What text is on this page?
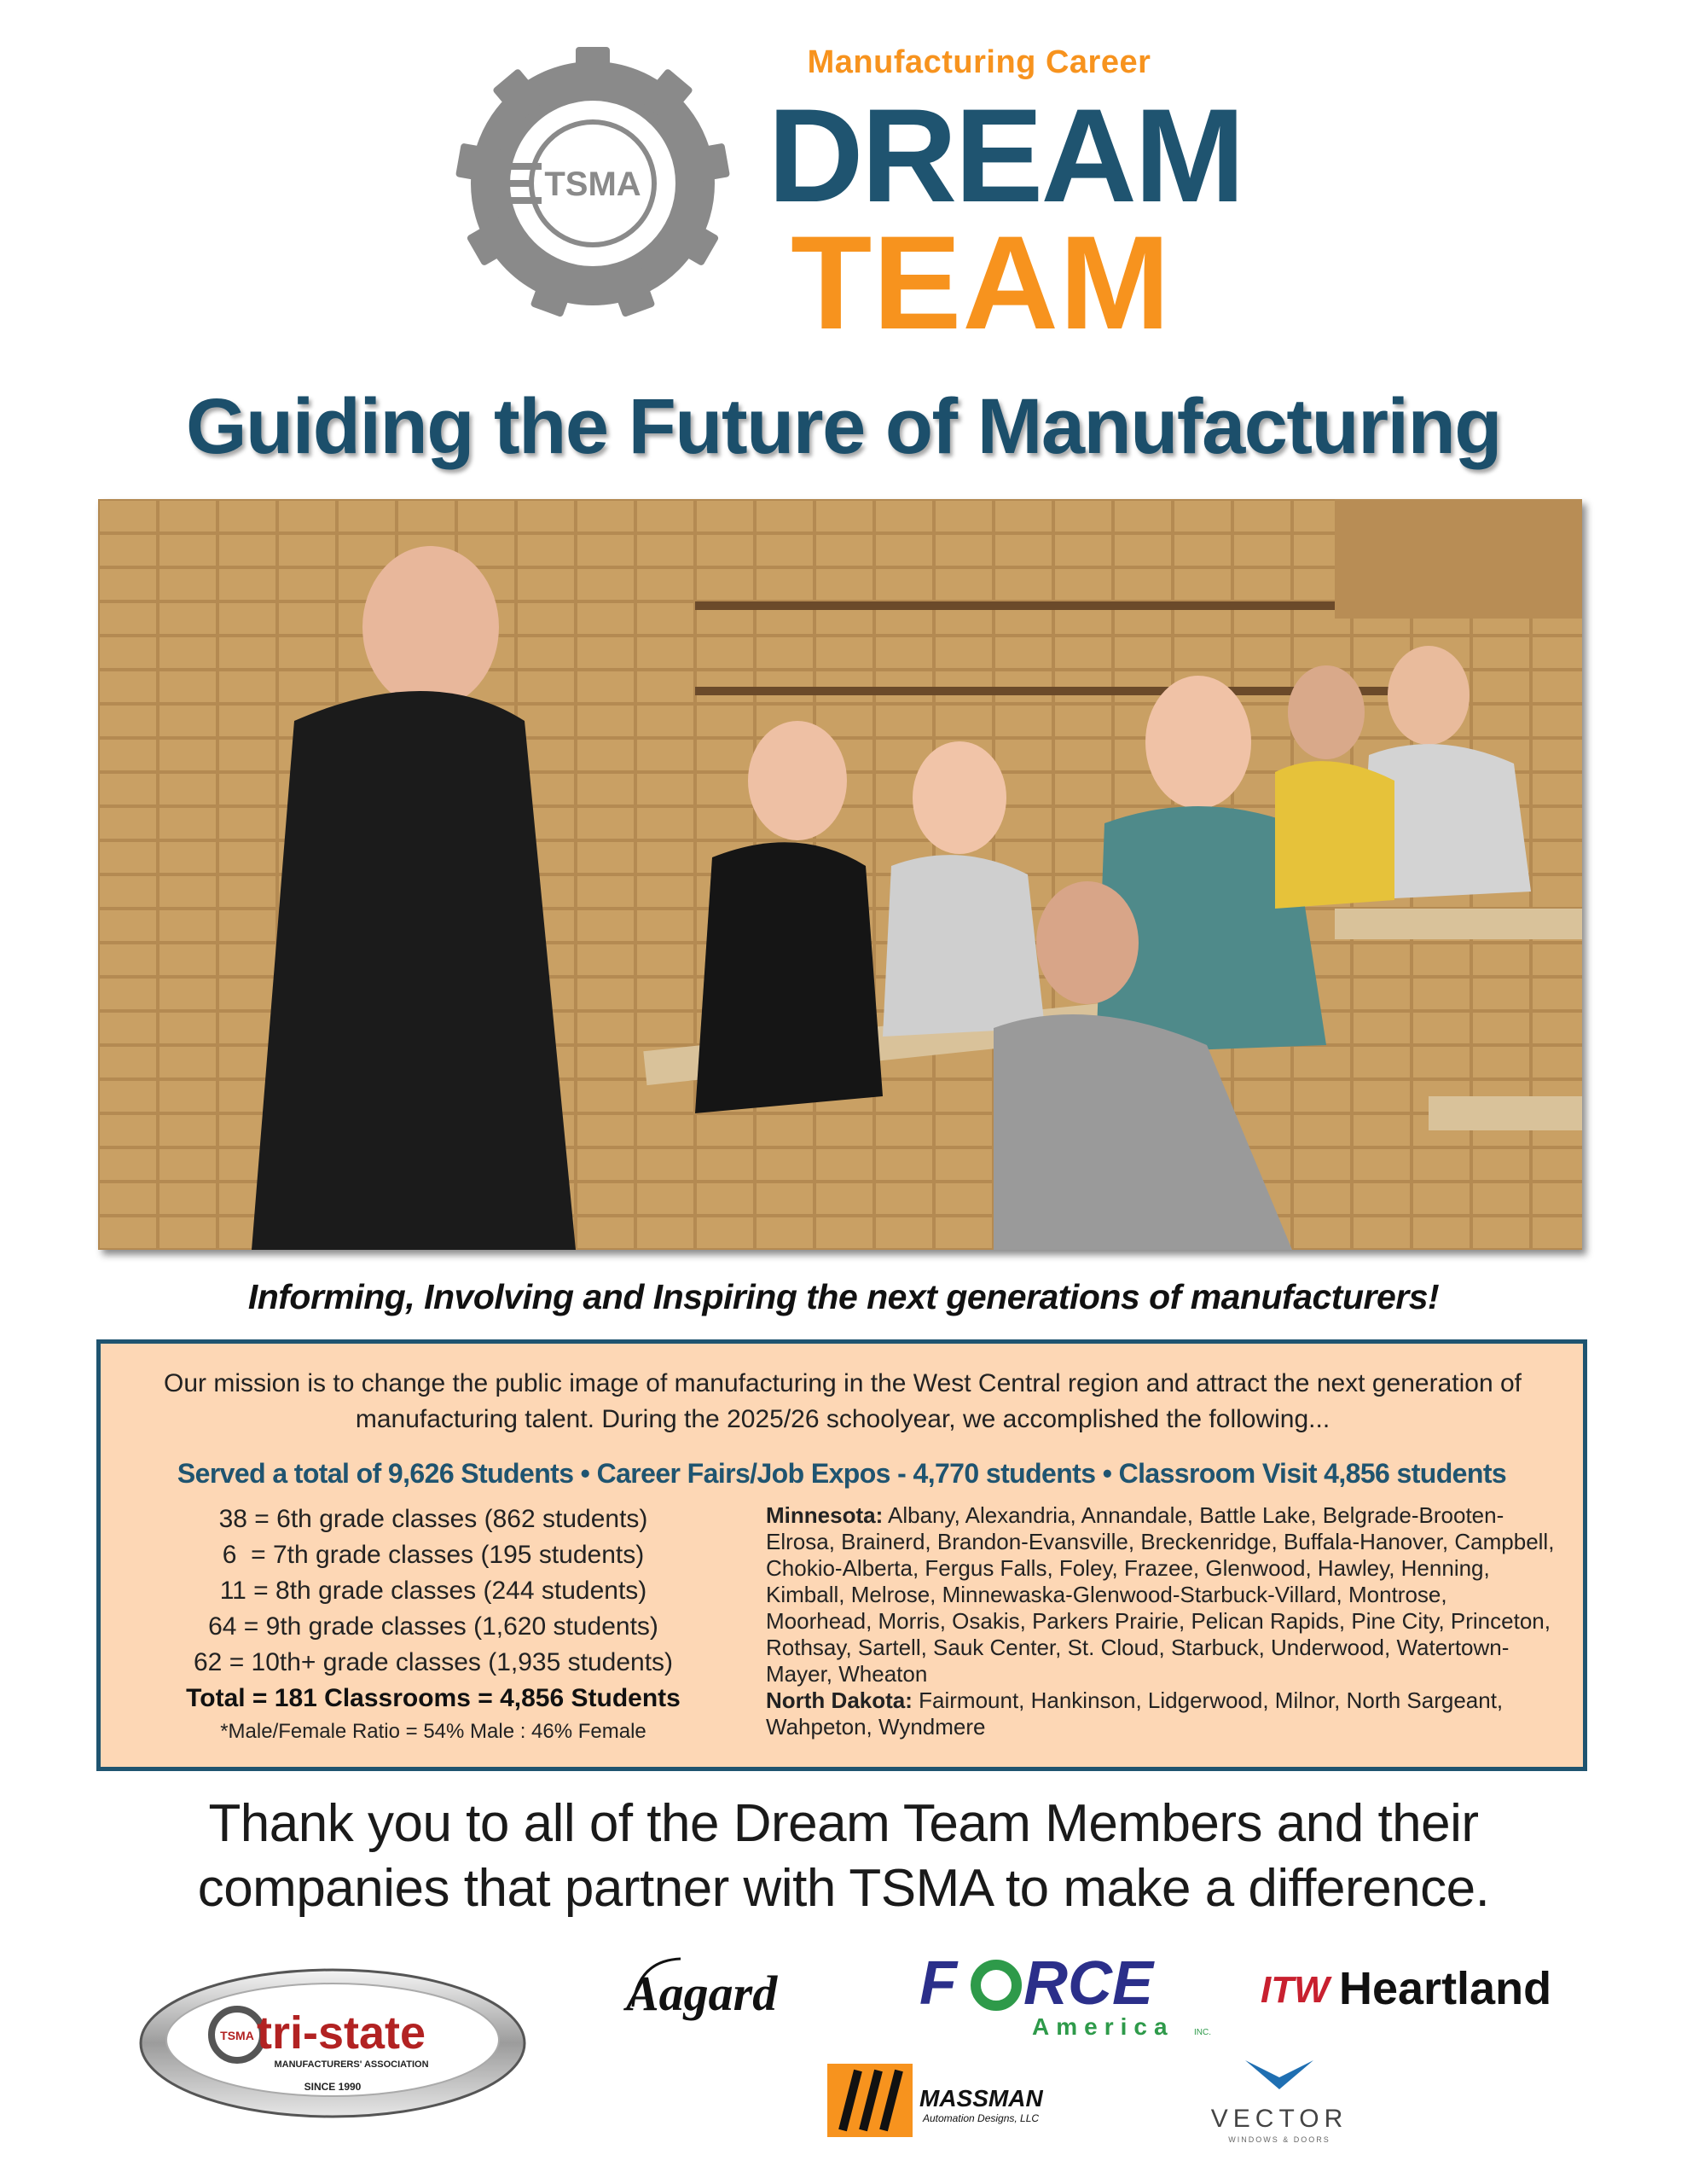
TSMA
Manufacturing Career
DREAM
TEAM
Guiding the Future of Manufacturing
Informing, Involving and Inspiring the next generations of manufacturers!
Our mission is to change the public image of manufacturing in the West Central region and attract the next generation of manufacturing talent. During the 2025/26 schoolyear, we accomplished the following...
Served a total of 9,626 Students • Career Fairs/Job Expos - 4,770 students • Classroom Visit 4,856 students
38 = 6th grade classes (862 students)
6  = 7th grade classes (195 students)
11 = 8th grade classes (244 students)
64 = 9th grade classes (1,620 students)
62 = 10th+ grade classes (1,935 students)
Total = 181 Classrooms = 4,856 Students
*Male/Female Ratio = 54% Male : 46% Female
Minnesota: Albany, Alexandria, Annandale, Battle Lake, Belgrade-Brooten-Elrosa, Brainerd, Brandon-Evansville, Breckenridge, Buffala-Hanover, Campbell, Chokio-Alberta, Fergus Falls, Foley, Frazee, Glenwood, Hawley, Henning, Kimball, Melrose, Minnewaska-Glenwood-Starbuck-Villard, Montrose, Moorhead, Morris, Osakis, Parkers Prairie, Pelican Rapids, Pine City, Princeton, Rothsay, Sartell, Sauk Center, St. Cloud, Starbuck, Underwood, Watertown-Mayer, Wheaton
North Dakota: Fairmount, Hankinson, Lidgerwood, Milnor, North Sargeant, Wahpeton, Wyndmere
Thank you to all of the Dream Team Members and their
companies that partner with TSMA to make a difference.
TSMA tri-state
MANUFACTURERS' ASSOCIATION
SINCE 1990
Aagard F RCE
America INC.
ITW Heartland
MASSMAN
Automation Designs, LLC	VECTOR
WINDOWS & DOORS
